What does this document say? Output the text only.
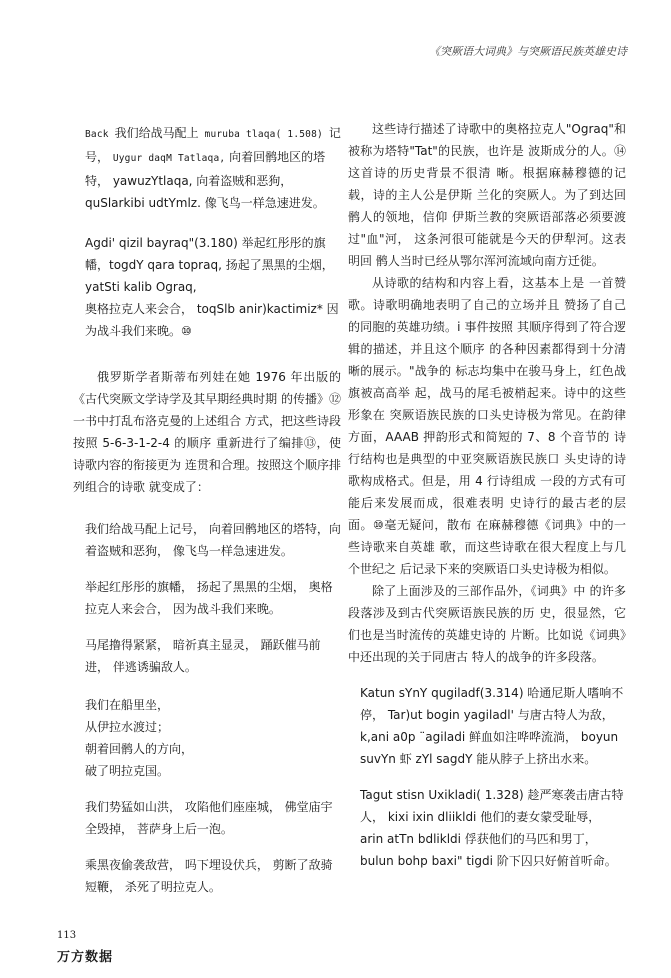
《突厥语大词典》与突厥语民族英雄史诗

Back 我们给战马配上 muruba tlaqa( 1.508) 记号， Uygur daqM Tatlaqa, 向着回鹘地区的塔特， yawuzYtlaqa, 向着盗贼和恶狗，quSlarkibi udtYmlz. 像飞鸟一样急速进发。

Agdi' qizil bayraq"(3.180) 举起红彤彤的旗幡，togdY qara topraq, 扬起了黑黑的尘烟， yatSti kalib Ograq,

奥格拉克人来会合， toqSlb anir)kactimiz* 因为战斗我们来晚。⑩

俄罗斯学者斯蒂布列娃在她 1976 年出版的《古代突厥文学诗学及其早期经典时期 的传播》⑫一书中打乱布洛克曼的上述组合 方式，把这些诗段按照 5-6-3-1-2-4 的顺序 重新进行了编排⑬，使诗歌内容的衔接更为 连贯和合理。按照这个顺序排列组合的诗歌 就变成了：

我们给战马配上记号， 向着回鹘地区的塔特，向着盗贼和恶狗， 像飞鸟一样急速进发。

举起红彤彤的旗幡， 扬起了黑黑的尘烟， 奥格拉克人来会合， 因为战斗我们来晚。

马尾撸得紧紧， 暗祈真主显灵， 踊跃催马前进， 伴逃诱骗敌人。

我们在船里坐，
从伊拉水渡过；
朝着回鹘人的方向，
破了明拉克国。

我们势猛如山洪， 攻陷他们座座城， 佛堂庙宇全毁掉， 菩萨身上后一泡。

乘黑夜偷袭敌营， 吗下埋设伏兵， 剪断了敌骑短鞭， 杀死了明拉克人。

这些诗行描述了诗歌中的奥格拉克人"Ograq"和被称为塔特"Tat"的民族，也许是 波斯成分的人。⑭这首诗的历史背景不很清 晰。根据麻赫穆德的记载，诗的主人公是伊斯 兰化的突厥人。为了到达回鹘人的领地，信仰 伊斯兰教的突厥语部落必须要渡过"血"河， 这条河很可能就是今天的伊犁河。这表明回 鹘人当时已经从鄂尔浑河流域向南方迁徙。

从诗歌的结构和内容上看，这基本上是 一首赞歌。诗歌明确地表明了自己的立场并且 赞扬了自己的同胞的英雄功绩。i 事件按照 其顺序得到了符合逻辑的描述，并且这个顺序 的各种因素都得到十分清晰的展示。"战争的 标志均集中在骏马身上，红色战旗被高高举 起，战马的尾毛被梢起来。诗中的这些形象在 突厥语族民族的口头史诗极为常见。在韵律 方面，AAAB 押韵形式和简短的 7、8 个音节的 诗行结构也是典型的中亚突厥语族民族口 头史诗的诗歌构成格式。但是，用 4 行诗组成 一段的方式有可能后来发展而成，很难表明 史诗行的最古老的层面。⑩毫无疑问，散布 在麻赫穆德《词典》中的一些诗歌来自英雄 歌，而这些诗歌在很大程度上与几个世纪之 后记录下来的突厥语口头史诗极为相似。

除了上面涉及的三部作品外，《词典》中 的许多段落涉及到古代突厥语族民族的历 史，很显然，它们也是当时流传的英雄史诗的 片断。比如说《词典》中还出现的关于同唐古 特人的战争的许多段落。

Katun sYnY qugiladf(3.314) 哈通尼斯人嗜响不停， Tar)ut bogin yagiladl' 与唐古特人为敌，k,ani a0p ¨agiladi 鲜血如注哗哗流淌， boyun suvYn 虾 zYl sagdY 能从脖子上挤出水来。

Tagut stisn Uxikladi( 1.328) 趁严寒袭击唐古特人， kixi ixin dliikldi 他们的妻女蒙受耻辱， arin atTn bdlikldi 俘获他们的马匹和男丁， bulun bohp baxi" tigdi 阶下囚只好俯首听命。

113
万方数据
